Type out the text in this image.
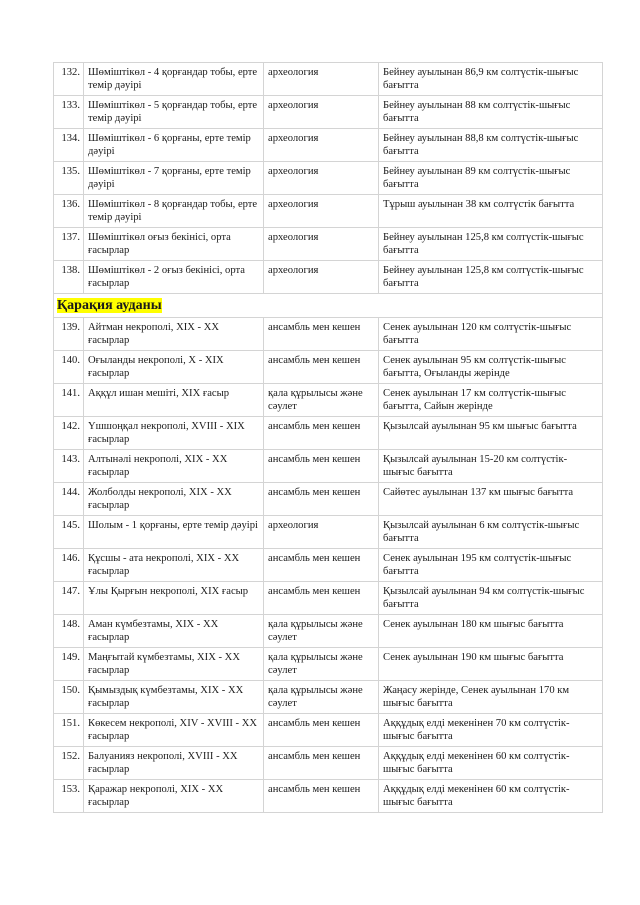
132.	Шөміштікөл - 4 қорғандар тобы, ерте темір дәуірі	археология	Бейнеу ауылынан 86,9 км солтүстік-шығыс бағытта
133.	Шөміштікөл - 5 қорғандар тобы, ерте темір дәуірі	археология	Бейнеу ауылынан 88 км солтүстік-шығыс бағытта
134.	Шөміштікөл - 6 қорғаны, ерте темір дәуірі	археология	Бейнеу ауылынан 88,8 км солтүстік-шығыс бағытта
135.	Шөміштікөл - 7 қорғаны, ерте темір дәуірі	археология	Бейнеу ауылынан 89 км солтүстік-шығыс бағытта
136.	Шөміштікөл - 8 қорғандар тобы, ерте темір дәуірі	археология	Тұрыш ауылынан 38 км солтүстік бағытта
137.	Шөміштікөл оғыз бекінісі, орта ғасырлар	археология	Бейнеу ауылынан 125,8 км солтүстік-шығыс бағытта
138.	Шөміштікөл - 2 оғыз бекінісі, орта ғасырлар	археология	Бейнеу ауылынан 125,8 км солтүстік-шығыс бағытта
Қарақия ауданы			
139.	Айтман некрополі, XIX - XX ғасырлар	ансамбль мен кешен	Сенек ауылынан 120 км солтүстік-шығыс бағытта
140.	Оғыланды некрополі, X - XIX ғасырлар	ансамбль мен кешен	Сенек ауылынан 95 км солтүстік-шығыс бағытта, Оғыланды жерінде
141.	Аққұл ишан мешіті, XIX ғасыр	қала құрылысы және сәулет	Сенек ауылынан 17 км солтүстік-шығыс бағытта, Сайын жерінде
142.	Үшшоңқал некрополі, XVIII - XIX ғасырлар	ансамбль мен кешен	Қызылсай ауылынан 95 км шығыс бағытта
143.	Алтынәлі некрополі, XIX - XX ғасырлар	ансамбль мен кешен	Қызылсай ауылынан 15-20 км солтүстік-шығыс бағытта
144.	Жолболды некрополі, XIX - XX ғасырлар	ансамбль мен кешен	Сайөтес ауылынан 137 км шығыс бағытта
145.	Шолым - 1 қорғаны, ерте темір дәуірі	археология	Қызылсай ауылынан 6 км солтүстік-шығыс бағытта
146.	Құсшы - ата некрополі, XIX - XX ғасырлар	ансамбль мен кешен	Сенек ауылынан 195 км солтүстік-шығыс бағытта
147.	Ұлы Қырғын некрополі, XIX ғасыр	ансамбль мен кешен	Қызылсай ауылынан 94 км солтүстік-шығыс бағытта
148.	Аман күмбезтамы, XIX - XX ғасырлар	қала құрылысы және сәулет	Сенек ауылынан 180 км шығыс бағытта
149.	Маңғытай күмбезтамы, XIX - XX ғасырлар	қала құрылысы және сәулет	Сенек ауылынан 190 км шығыс бағытта
150.	Қымыздық күмбезтамы, XIX - XX ғасырлар	қала құрылысы және сәулет	Жаңасу жерінде, Сенек ауылынан 170 км шығыс бағытта
151.	Көкесем некрополі, XIV - XVIII - XX ғасырлар	ансамбль мен кешен	Аққұдық елді мекенінен 70 км солтүстік-шығыс бағытта
152.	Балуанияз некрополі, XVIII - XX ғасырлар	ансамбль мен кешен	Аққұдық елді мекенінен 60 км солтүстік-шығыс бағытта
153.	Қаражар некрополі, XIX - XX ғасырлар	ансамбль мен кешен	Аққұдық елді мекенінен 60 км солтүстік-шығыс бағытта
